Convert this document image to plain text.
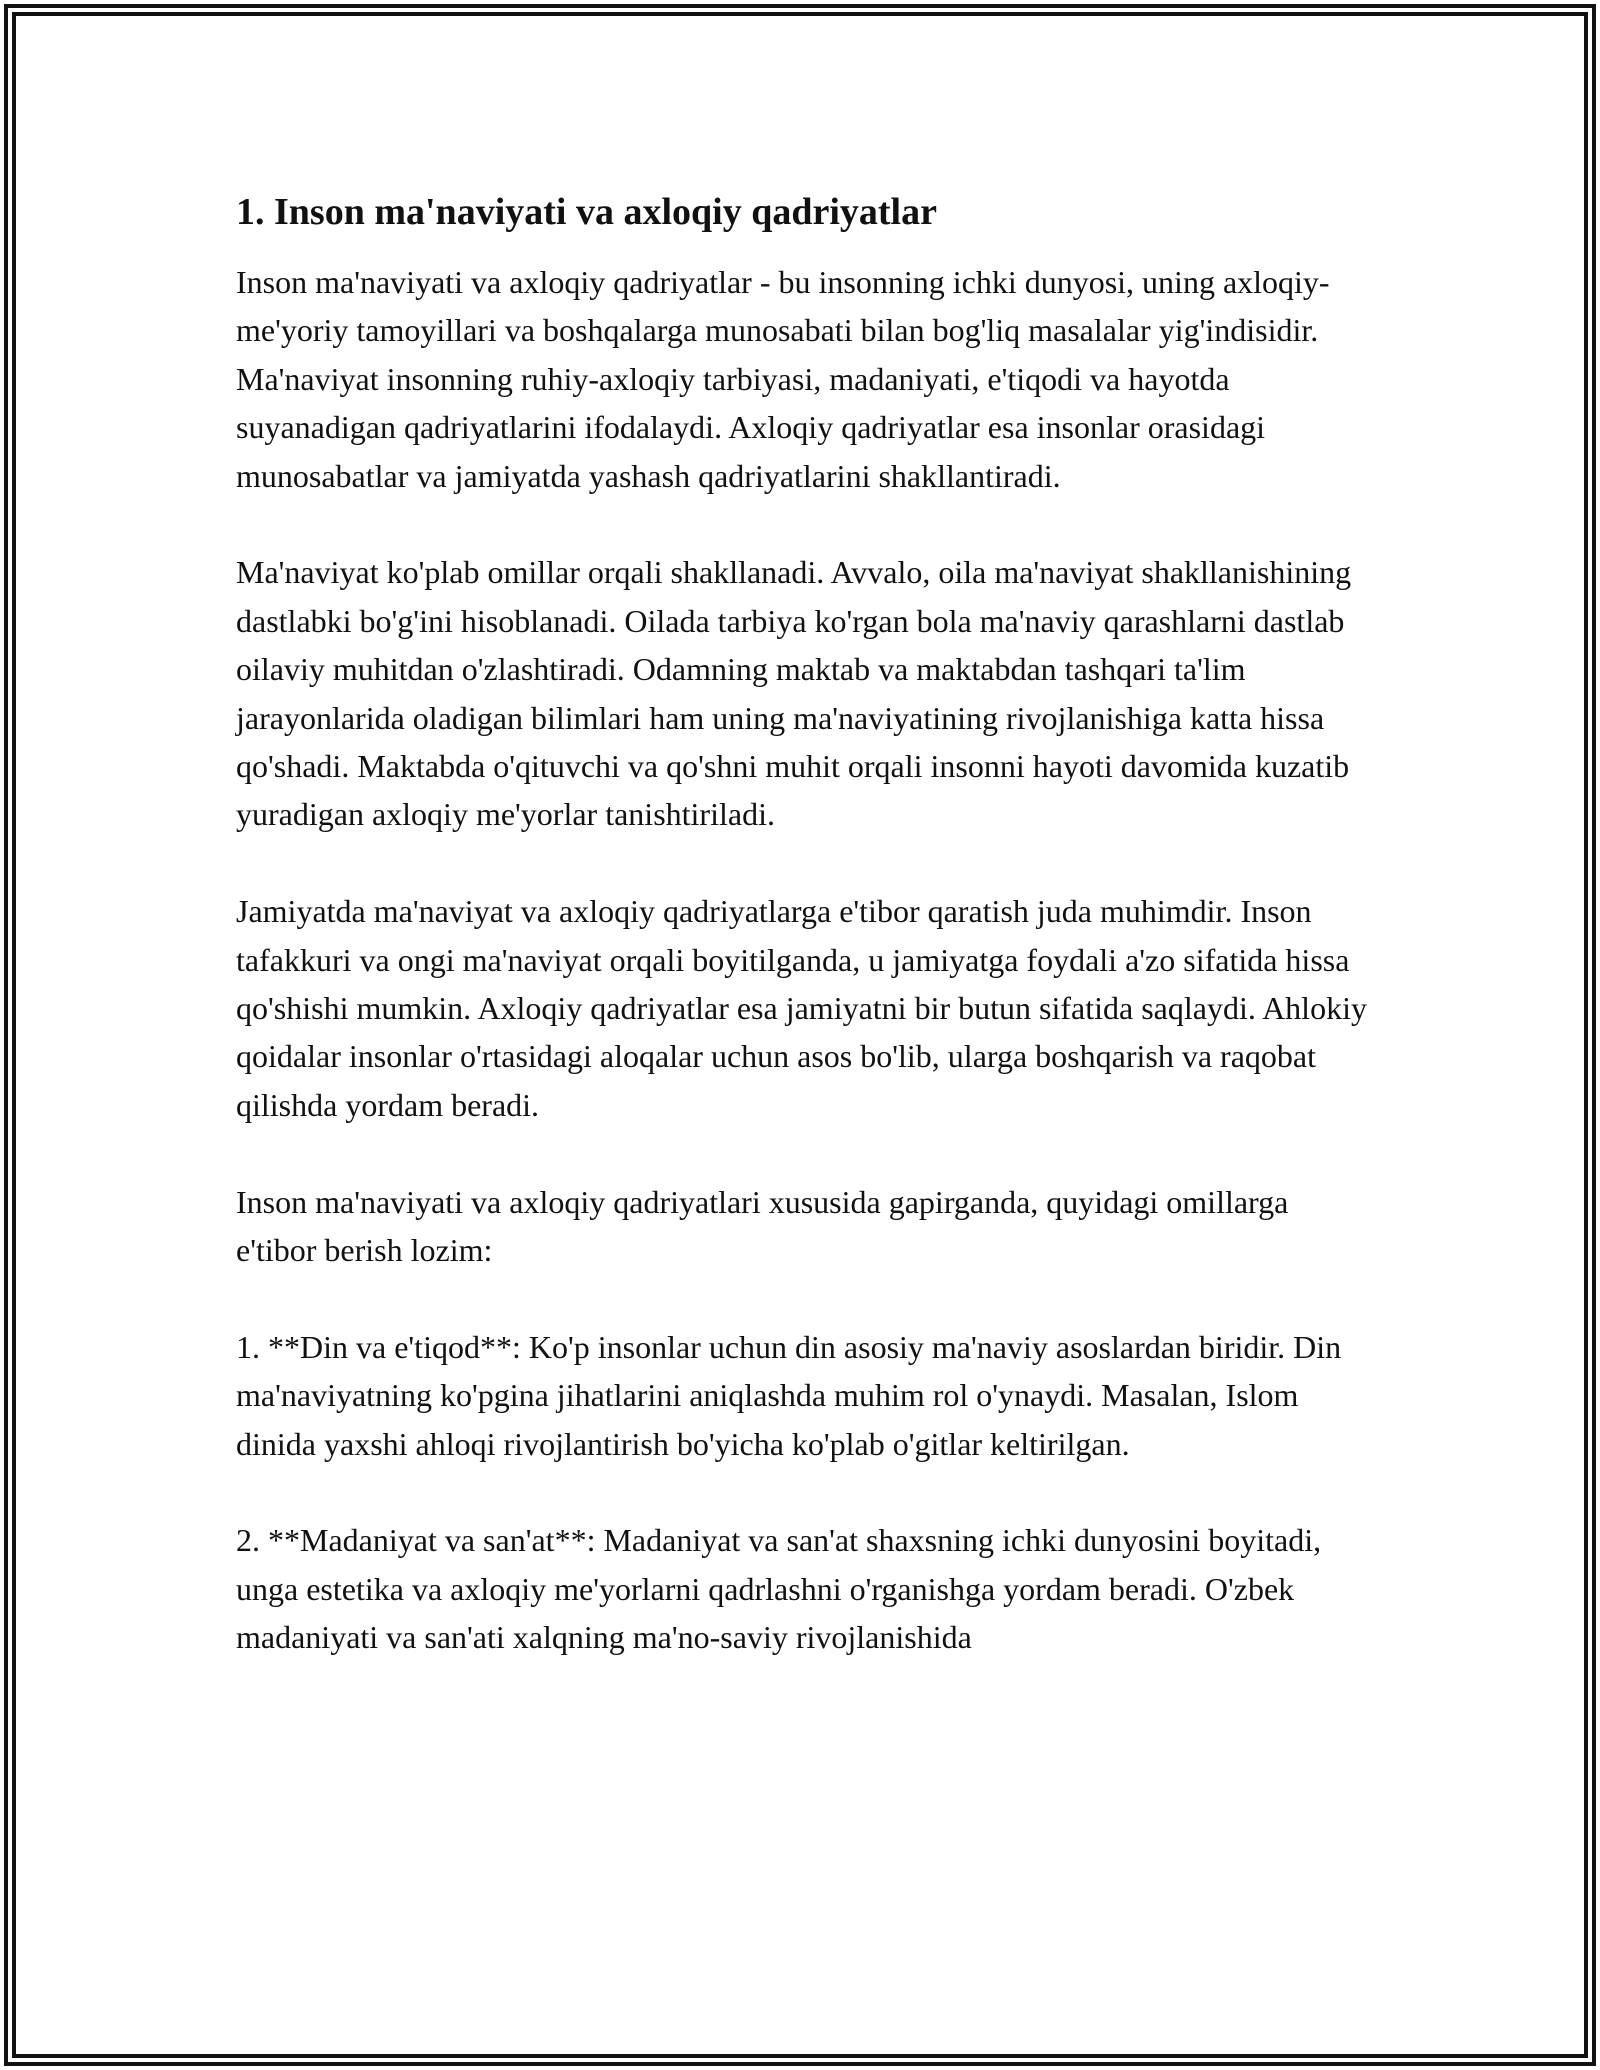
1. Inson ma'naviyati va axloqiy qadriyatlar

Inson ma'naviyati va axloqiy qadriyatlar - bu insonning ichki dunyosi, uning axloqiy-me'yoriy tamoyillari va boshqalarga munosabati bilan bog'liq masalalar yig'indisidir. Ma'naviyat insonning ruhiy-axloqiy tarbiyasi, madaniyati, e'tiqodi va hayotda suyanadigan qadriyatlarini ifodalaydi. Axloqiy qadriyatlar esa insonlar orasidagi munosabatlar va jamiyatda yashash qadriyatlarini shakllantiradi.

Ma'naviyat ko'plab omillar orqali shakllanadi. Avvalo, oila ma'naviyat shakllanishining dastlabki bo'g'ini hisoblanadi. Oilada tarbiya ko'rgan bola ma'naviy qarashlarni dastlab oilaviy muhitdan o'zlashtiradi. Odamning maktab va maktabdan tashqari ta'lim jarayonlarida oladigan bilimlari ham uning ma'naviyatining rivojlanishiga katta hissa qo'shadi. Maktabda o'qituvchi va qo'shni muhit orqali insonni hayoti davomida kuzatib yuradigan axloqiy me'yorlar tanishtiriladi.

Jamiyatda ma'naviyat va axloqiy qadriyatlarga e'tibor qaratish juda muhimdir. Inson tafakkuri va ongi ma'naviyat orqali boyitilganda, u jamiyatga foydali a'zo sifatida hissa qo'shishi mumkin. Axloqiy qadriyatlar esa jamiyatni bir butun sifatida saqlaydi. Ahlokiy qoidalar insonlar o'rtasidagi aloqalar uchun asos bo'lib, ularga boshqarish va raqobat qilishda yordam beradi.

Inson ma'naviyati va axloqiy qadriyatlari xususida gapirganda, quyidagi omillarga e'tibor berish lozim:

1. **Din va e'tiqod**: Ko'p insonlar uchun din asosiy ma'naviy asoslardan biridir. Din ma'naviyatning ko'pgina jihatlarini aniqlashda muhim rol o'ynaydi. Masalan, Islom dinida yaxshi ahloqi rivojlantirish bo'yicha ko'plab o'gitlar keltirilgan.

2. **Madaniyat va san'at**: Madaniyat va san'at shaxsning ichki dunyosini boyitadi, unga estetika va axloqiy me'yorlarni qadrlashni o'rganishga yordam beradi. O'zbek madaniyati va san'ati xalqning ma'no-saviy rivojlanishida
